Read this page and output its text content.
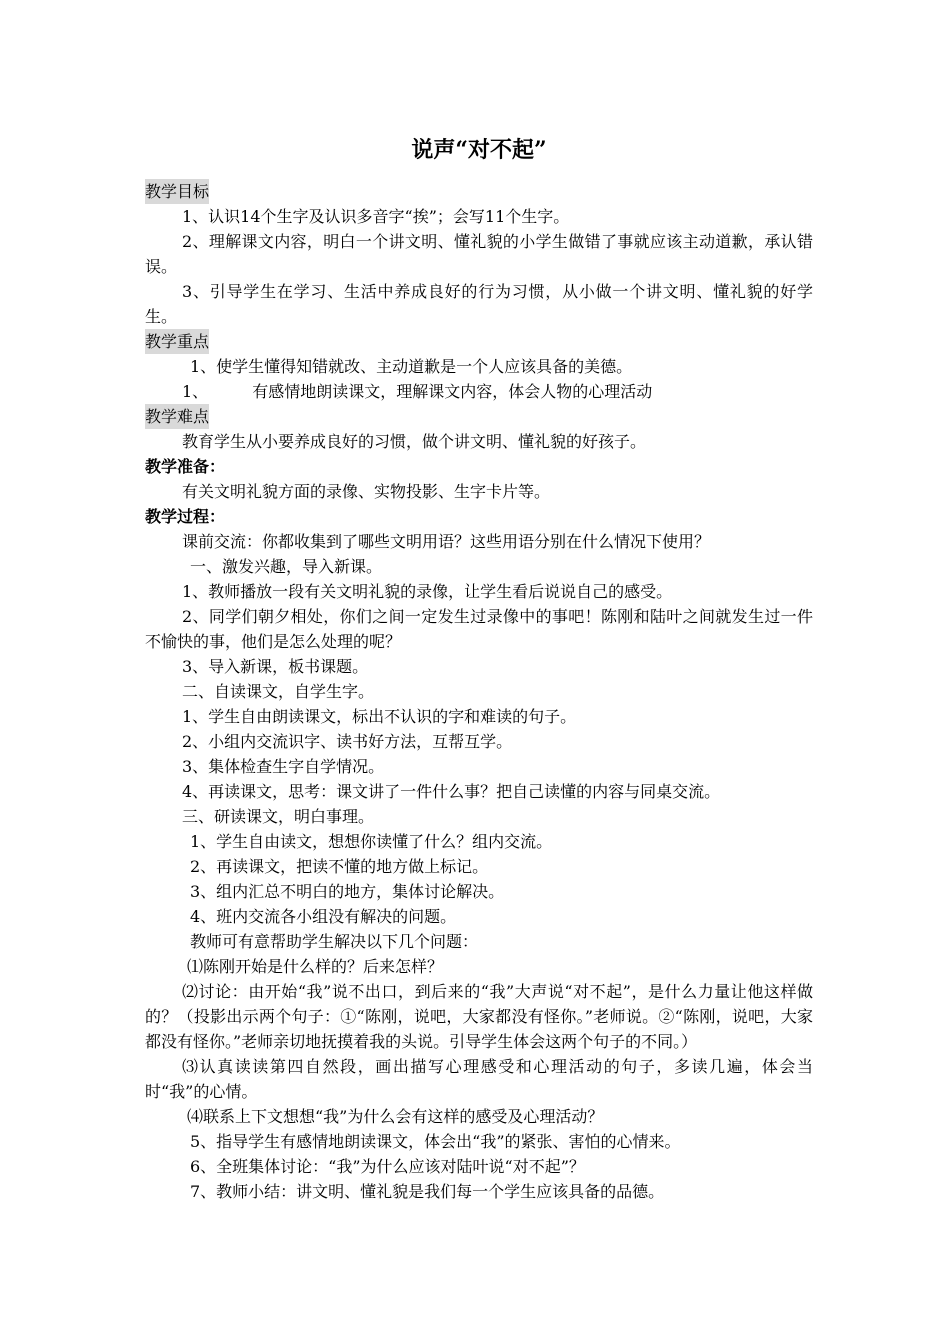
说声“对不起”

教学目标

1、认识14个生字及认识多音字“挨”；会写11个生字。

2、理解课文内容，明白一个讲文明、懂礼貌的小学生做错了事就应该主动道歉，承认错误。

3、引导学生在学习、生活中养成良好的行为习惯，从小做一个讲文明、懂礼貌的好学生。

教学重点

1、使学生懂得知错就改、主动道歉是一个人应该具备的美德。

1、	有感情地朗读课文，理解课文内容，体会人物的心理活动

教学难点

教育学生从小要养成良好的习惯，做个讲文明、懂礼貌的好孩子。

教学准备：

有关文明礼貌方面的录像、实物投影、生字卡片等。

教学过程：

课前交流：你都收集到了哪些文明用语？这些用语分别在什么情况下使用？

一、激发兴趣，导入新课。

1、教师播放一段有关文明礼貌的录像，让学生看后说说自己的感受。

2、同学们朝夕相处，你们之间一定发生过录像中的事吧！陈刚和陆叶之间就发生过一件不愉快的事，他们是怎么处理的呢？

3、导入新课，板书课题。

二、自读课文，自学生字。

1、学生自由朗读课文，标出不认识的字和难读的句子。

2、小组内交流识字、读书好方法，互帮互学。

3、集体检查生字自学情况。

4、再读课文，思考：课文讲了一件什么事？把自己读懂的内容与同桌交流。

三、研读课文，明白事理。

1、学生自由读文，想想你读懂了什么？组内交流。

2、再读课文，把读不懂的地方做上标记。

3、组内汇总不明白的地方，集体讨论解决。

4、班内交流各小组没有解决的问题。

教师可有意帮助学生解决以下几个问题：

⑴陈刚开始是什么样的？后来怎样？

⑵讨论：由开始“我”说不出口，到后来的“我”大声说“对不起”，是什么力量让他这样做的？（投影出示两个句子：①“陈刚，说吧，大家都没有怪你。”老师说。②“陈刚，说吧，大家都没有怪你。”老师亲切地抚摸着我的头说。引导学生体会这两个句子的不同。）

⑶认真读读第四自然段，画出描写心理感受和心理活动的句子，多读几遍，体会当时“我”的心情。

⑷联系上下文想想“我”为什么会有这样的感受及心理活动？

5、指导学生有感情地朗读课文，体会出“我”的紧张、害怕的心情来。

6、全班集体讨论：“我”为什么应该对陆叶说“对不起”？

7、教师小结：讲文明、懂礼貌是我们每一个学生应该具备的品德。
